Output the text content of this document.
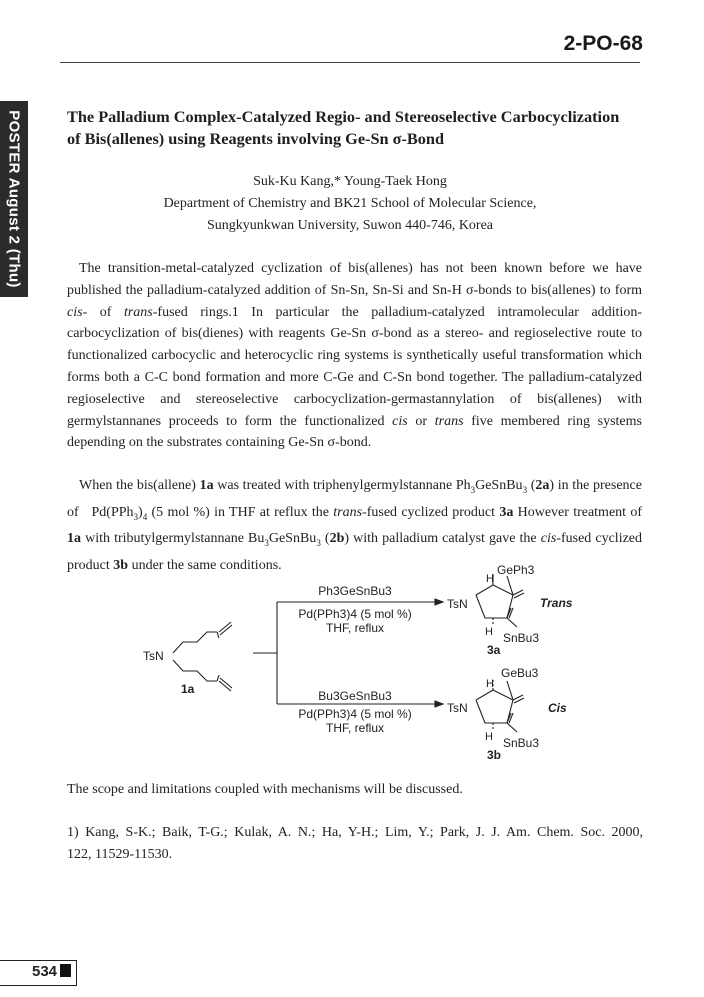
2-PO-68
POSTER August 2 (Thu)	The Palladium Complex-Catalyzed Regio- and Stereoselective Carbocyclization
of Bis(allenes) using Reagents involving Ge-Sn σ-Bond
Suk-Ku Kang,* Young-Taek Hong
Department of Chemistry and BK21 School of Molecular Science,
Sungkyunkwan University, Suwon 440-746, Korea
The transition-metal-catalyzed cyclization of bis(allenes) has not been known before we have published the palladium-catalyzed addition of Sn-Sn, Sn-Si and Sn-H σ-bonds to bis(allenes) to form cis- of trans-fused rings.1 In particular the palladium-catalyzed intramolecular addition-carbocyclization of bis(dienes) with reagents Ge-Sn σ-bond as a stereo- and regioselective route to functionalized carbocyclic and heterocyclic ring systems is synthetically useful transformation which forms both a C-C bond formation and more C-Ge and C-Sn bond together. The palladium-catalyzed regioselective and stereoselective carbocyclization-germastannylation of bis(allenes) with germylstannanes proceeds to form the functionalized cis or trans five membered ring systems depending on the substrates containing Ge-Sn σ-bond.
When the bis(allene) 1a was treated with triphenylgermylstannane $Ph_3GeSnBu_3$ (2a) in the presence of   $Pd(PPh_3)_4$ (5 mol %) in THF at reflux the trans-fused cyclized product 3a However treatment of 1a with tributylgermylstannane $Bu_3GeSnBu_3$ (2b) with palladium catalyst gave the cis-fused cyclized product 3b under the same conditions.
TsN
1a
Ph3GeSnBu3
Pd(PPh3)4 (5 mol %)
THF, reflux
Bu3GeSnBu3
Pd(PPh3)4 (5 mol %)
THF, reflux
TsN
H
GePh3
H SnBu3
3a
Trans
TsN
H
GeBu3
H SnBu3
3b
Cis
The scope and limitations coupled with mechanisms will be discussed.
1) Kang, S-K.; Baik, T-G.; Kulak, A. N.; Ha, Y-H.; Lim, Y.; Park, J. J. Am. Chem. Soc. 2000,
122, 11529-11530.
534
